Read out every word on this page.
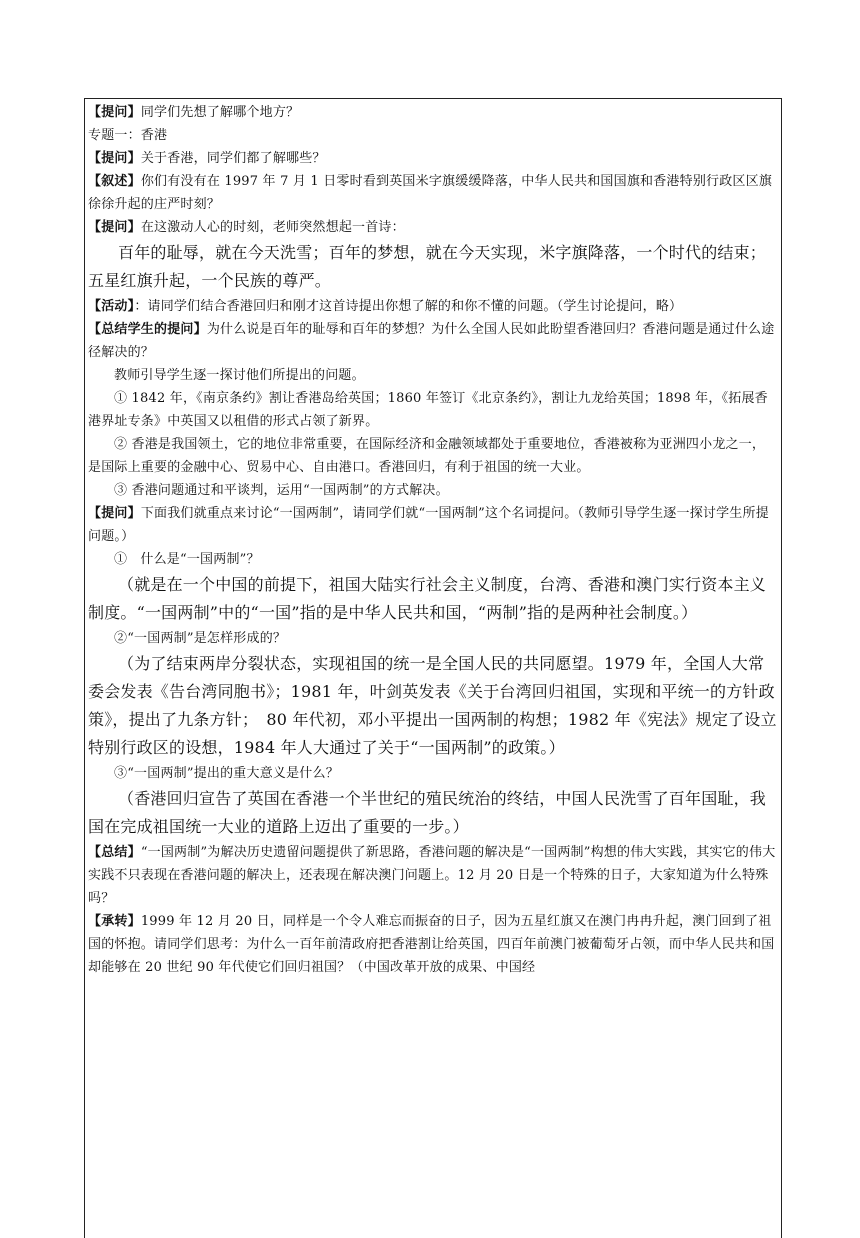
【提问】同学们先想了解哪个地方？

专题一：香港

【提问】关于香港，同学们都了解哪些？

【叙述】你们有没有在 1997 年 7 月 1 日零时看到英国米字旗缓缓降落，中华人民共和国国旗和香港特别行政区区旗徐徐升起的庄严时刻？

【提问】在这激动人心的时刻，老师突然想起一首诗：

百年的耻辱，就在今天洗雪；百年的梦想，就在今天实现，米字旗降落，一个时代的结束；五星红旗升起，一个民族的尊严。

【活动】：请同学们结合香港回归和刚才这首诗提出你想了解的和你不懂的问题。（学生讨论提问，略）

【总结学生的提问】为什么说是百年的耻辱和百年的梦想？为什么全国人民如此盼望香港回归？香港问题是通过什么途径解决的？

教师引导学生逐一探讨他们所提出的问题。

① 1842 年，《南京条约》割让香港岛给英国；1860 年签订《北京条约》，割让九龙给英国；1898 年，《拓展香港界址专条》中英国又以租借的形式占领了新界。

② 香港是我国领土，它的地位非常重要，在国际经济和金融领域都处于重要地位，香港被称为亚洲四小龙之一，是国际上重要的金融中心、贸易中心、自由港口。香港回归，有利于祖国的统一大业。

③ 香港问题通过和平谈判，运用“一国两制”的方式解决。

【提问】下面我们就重点来讨论“一国两制”，请同学们就“一国两制”这个名词提问。（教师引导学生逐一探讨学生所提问题。）

①　什么是“一国两制”？

（就是在一个中国的前提下，祖国大陆实行社会主义制度，台湾、香港和澳门实行资本主义制度。“一国两制”中的“一国”指的是中华人民共和国，“两制”指的是两种社会制度。）

②“一国两制”是怎样形成的？

（为了结束两岸分裂状态，实现祖国的统一是全国人民的共同愿望。1979 年，全国人大常委会发表《告台湾同胞书》；1981 年，叶剑英发表《关于台湾回归祖国，实现和平统一的方针政策》，提出了九条方针；　80 年代初，邓小平提出一国两制的构想；1982 年《宪法》规定了设立特别行政区的设想，1984 年人大通过了关于“一国两制”的政策。）

③“一国两制”提出的重大意义是什么？

（香港回归宣告了英国在香港一个半世纪的殖民统治的终结，中国人民洗雪了百年国耻，我国在完成祖国统一大业的道路上迈出了重要的一步。）

【总结】“一国两制”为解决历史遗留问题提供了新思路，香港问题的解决是“一国两制”构想的伟大实践，其实它的伟大实践不只表现在香港问题的解决上，还表现在解决澳门问题上。12 月 20 日是一个特殊的日子，大家知道为什么特殊吗？

【承转】1999 年 12 月 20 日，同样是一个令人难忘而振奋的日子，因为五星红旗又在澳门冉冉升起，澳门回到了祖国的怀抱。请同学们思考：为什么一百年前清政府把香港割让给英国，四百年前澳门被葡萄牙占领，而中华人民共和国却能够在 20 世纪 90 年代使它们回归祖国？（中国改革开放的成果、中国经
